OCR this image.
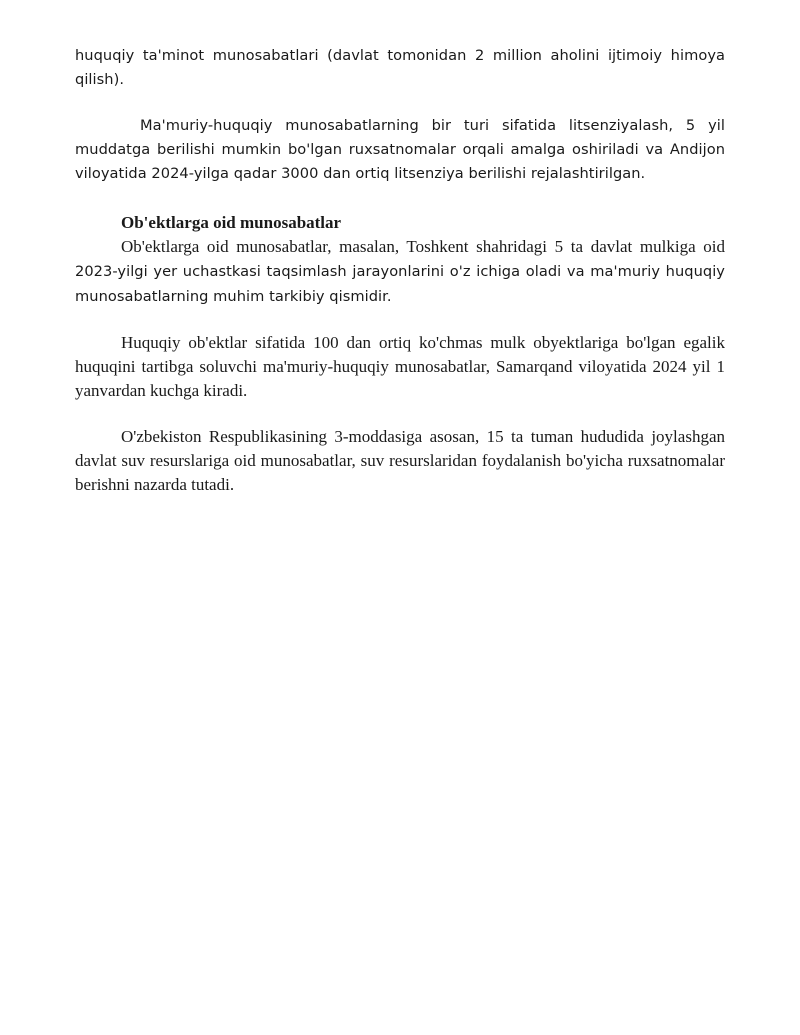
huquqiy ta'minot munosabatlari (davlat tomonidan 2 million aholini ijtimoiy himoya qilish).

Ma'muriy-huquqiy munosabatlarning bir turi sifatida litsenziyalash, 5 yil muddatga berilishi mumkin bo'lgan ruxsatnomalar orqali amalga oshiriladi va Andijon viloyatida 2024-yilga qadar 3000 dan ortiq litsenziya berilishi rejalashtirilgan.

Ob'ektlarga oid munosabatlar

Ob'ektlarga oid munosabatlar, masalan, Toshkent shahridagi 5 ta davlat mulkiga oid 2023-yilgi yer uchastkasi taqsimlash jarayonlarini o'z ichiga oladi va ma'muriy huquqiy munosabatlarning muhim tarkibiy qismidir.

Huquqiy ob'ektlar sifatida 100 dan ortiq ko'chmas mulk obyektlariga bo'lgan egalik huquqini tartibga soluvchi ma'muriy-huquqiy munosabatlar, Samarqand viloyatida 2024 yil 1 yanvardan kuchga kiradi.

O'zbekiston Respublikasining 3-moddasiga asosan, 15 ta tuman hududida joylashgan davlat suv resurslariga oid munosabatlar, suv resurslaridan foydalanish bo'yicha ruxsatnomalar berishni nazarda tutadi.
